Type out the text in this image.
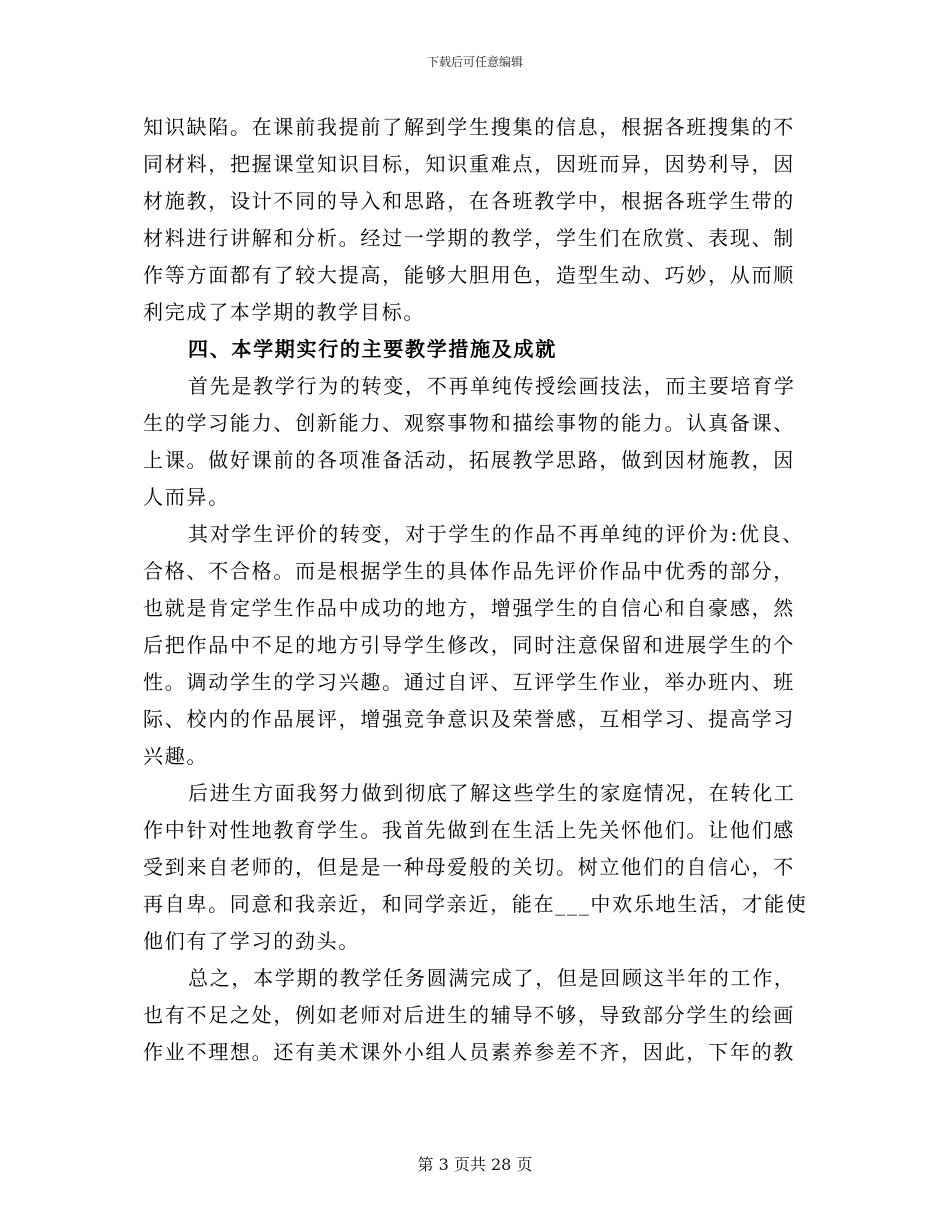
下载后可任意编辑
知识缺陷。在课前我提前了解到学生搜集的信息，根据各班搜集的不
同材料，把握课堂知识目标，知识重难点，因班而异，因势利导，因
材施教，设计不同的导入和思路，在各班教学中，根据各班学生带的
材料进行讲解和分析。经过一学期的教学，学生们在欣赏、表现、制
作等方面都有了较大提高，能够大胆用色，造型生动、巧妙，从而顺
利完成了本学期的教学目标。
四、本学期实行的主要教学措施及成就
首先是教学行为的转变，不再单纯传授绘画技法，而主要培育学
生的学习能力、创新能力、观察事物和描绘事物的能力。认真备课、
上课。做好课前的各项准备活动，拓展教学思路，做到因材施教，因
人而异。
其对学生评价的转变，对于学生的作品不再单纯的评价为:优良、
合格、不合格。而是根据学生的具体作品先评价作品中优秀的部分，
也就是肯定学生作品中成功的地方，增强学生的自信心和自豪感，然
后把作品中不足的地方引导学生修改，同时注意保留和进展学生的个
性。调动学生的学习兴趣。通过自评、互评学生作业，举办班内、班
际、校内的作品展评，增强竞争意识及荣誉感，互相学习、提高学习
兴趣。
后进生方面我努力做到彻底了解这些学生的家庭情况，在转化工
作中针对性地教育学生。我首先做到在生活上先关怀他们。让他们感
受到来自老师的，但是是一种母爱般的关切。树立他们的自信心，不
再自卑。同意和我亲近，和同学亲近，能在___中欢乐地生活，才能使
他们有了学习的劲头。
总之，本学期的教学任务圆满完成了，但是回顾这半年的工作，
也有不足之处，例如老师对后进生的辅导不够，导致部分学生的绘画
作业不理想。还有美术课外小组人员素养参差不齐，因此，下年的教
第 3 页共 28 页
